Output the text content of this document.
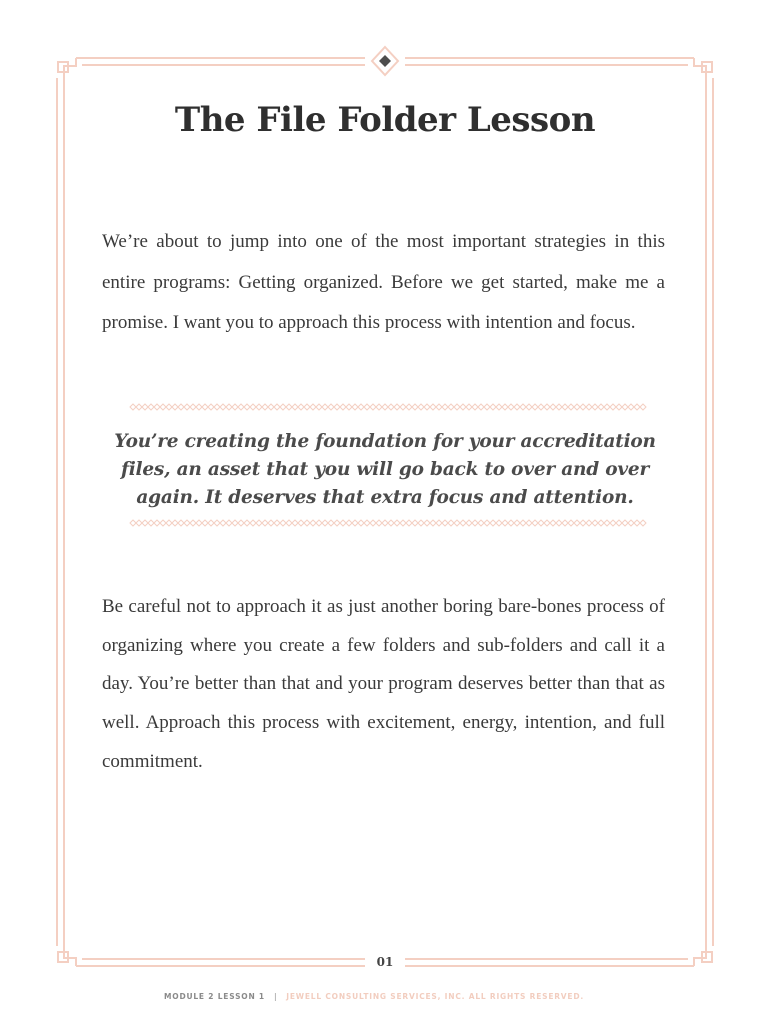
The File Folder Lesson

We’re about to jump into one of the most important strategies in this entire programs: Getting organized. Before we get started, make me a promise. I want you to approach this process with intention and focus.

You’re creating the foundation for your accreditation files, an asset that you will go back to over and over again. It deserves that extra focus and attention.

Be careful not to approach it as just another boring bare-bones process of organizing where you create a few folders and sub-folders and call it a day. You’re better than that and your program deserves better than that as well. Approach this process with excitement, energy, intention, and full commitment.

01
MODULE 2 LESSON 1 | JEWELL CONSULTING SERVICES, INC. ALL RIGHTS RESERVED.
